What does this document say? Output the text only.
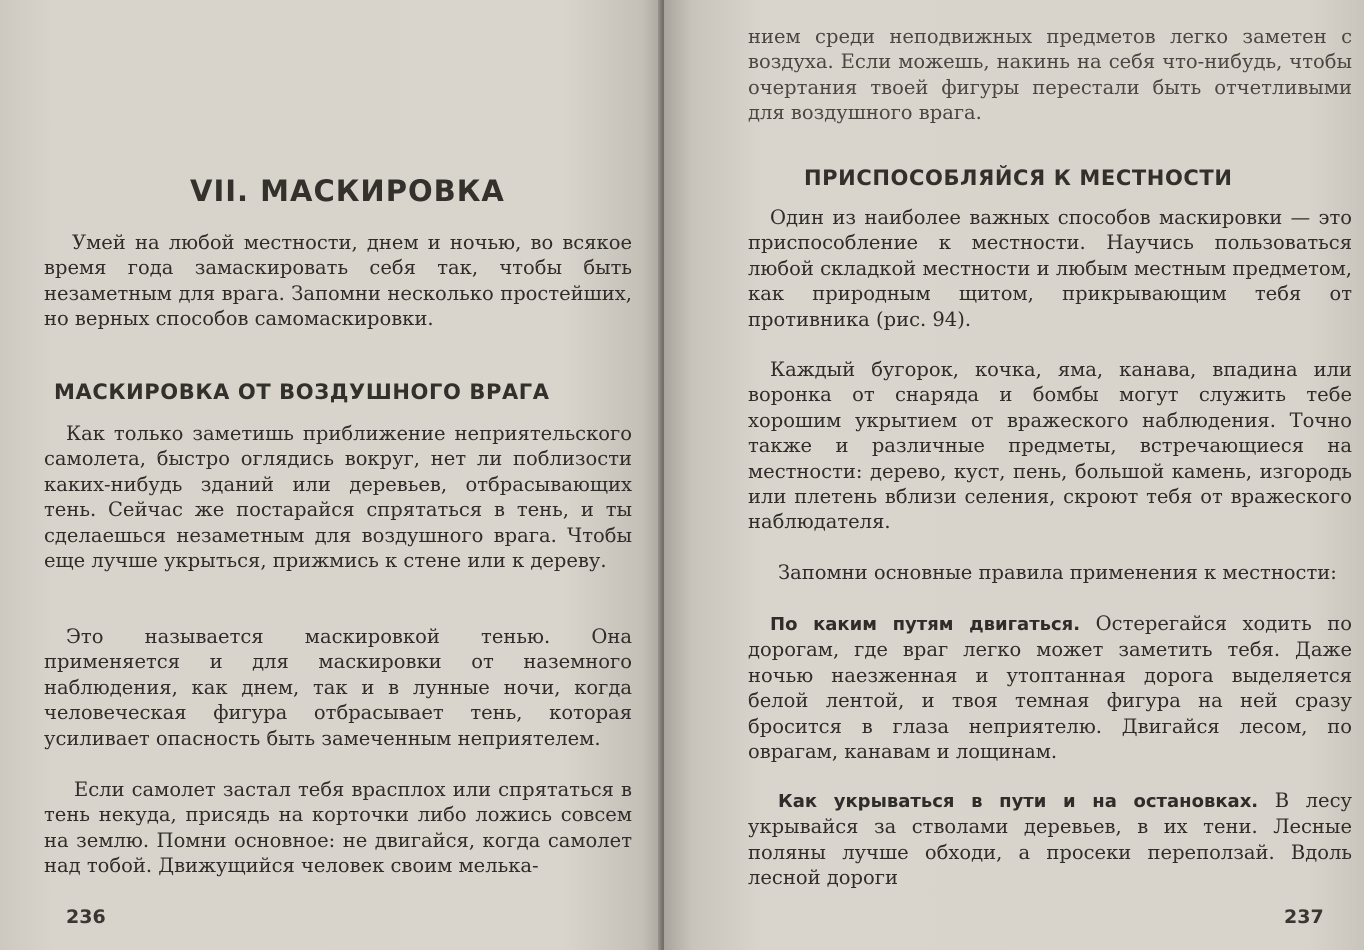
VII. МАСКИРОВКА

Умей на любой местности, днем и ночью, во всякое время года замаскировать себя так, чтобы быть незаметным для врага. Запомни несколько простейших, но верных способов самомаскировки.

МАСКИРОВКА ОТ ВОЗДУШНОГО ВРАГА

Как только заметишь приближение неприятельского самолета, быстро оглядись вокруг, нет ли поблизости каких-нибудь зданий или деревьев, отбрасывающих тень. Сейчас же постарайся спрятаться в тень, и ты сделаешься незаметным для воздушного врага. Чтобы еще лучше укрыться, прижмись к стене или к дереву.

Это называется маскировкой тенью. Она применяется и для маскировки от наземного наблюдения, как днем, так и в лунные ночи, когда человеческая фигура отбрасывает тень, которая усиливает опасность быть замеченным неприятелем.

Если самолет застал тебя врасплох или спрятаться в тень некуда, присядь на корточки либо ложись совсем на землю. Помни основное: не двигайся, когда самолет над тобой. Движущийся человек своим мелька-

236

нием среди неподвижных предметов легко заметен с воздуха. Если можешь, накинь на себя что-нибудь, чтобы очертания твоей фигуры перестали быть отчетливыми для воздушного врага.

ПРИСПОСОБЛЯЙСЯ К МЕСТНОСТИ

Один из наиболее важных способов маскировки — это приспособление к местности. Научись пользоваться любой складкой местности и любым местным предметом, как природным щитом, прикрывающим тебя от противника (рис. 94).

Каждый бугорок, кочка, яма, канава, впадина или воронка от снаряда и бомбы могут служить тебе хорошим укрытием от вражеского наблюдения. Точно также и различные предметы, встречающиеся на местности: дерево, куст, пень, большой камень, изгородь или плетень вблизи селения, скроют тебя от вражеского наблюдателя.

Запомни основные правила применения к местности:

По каким путям двигаться. Остерегайся ходить по дорогам, где враг легко может заметить тебя. Даже ночью наезженная и утоптанная дорога выделяется белой лентой, и твоя темная фигура на ней сразу бросится в глаза неприятелю. Двигайся лесом, по оврагам, канавам и лощинам.

Как укрываться в пути и на остановках. В лесу укрывайся за стволами деревьев, в их тени. Лесные поляны лучше обходи, а просеки переползай. Вдоль лесной дороги

237
